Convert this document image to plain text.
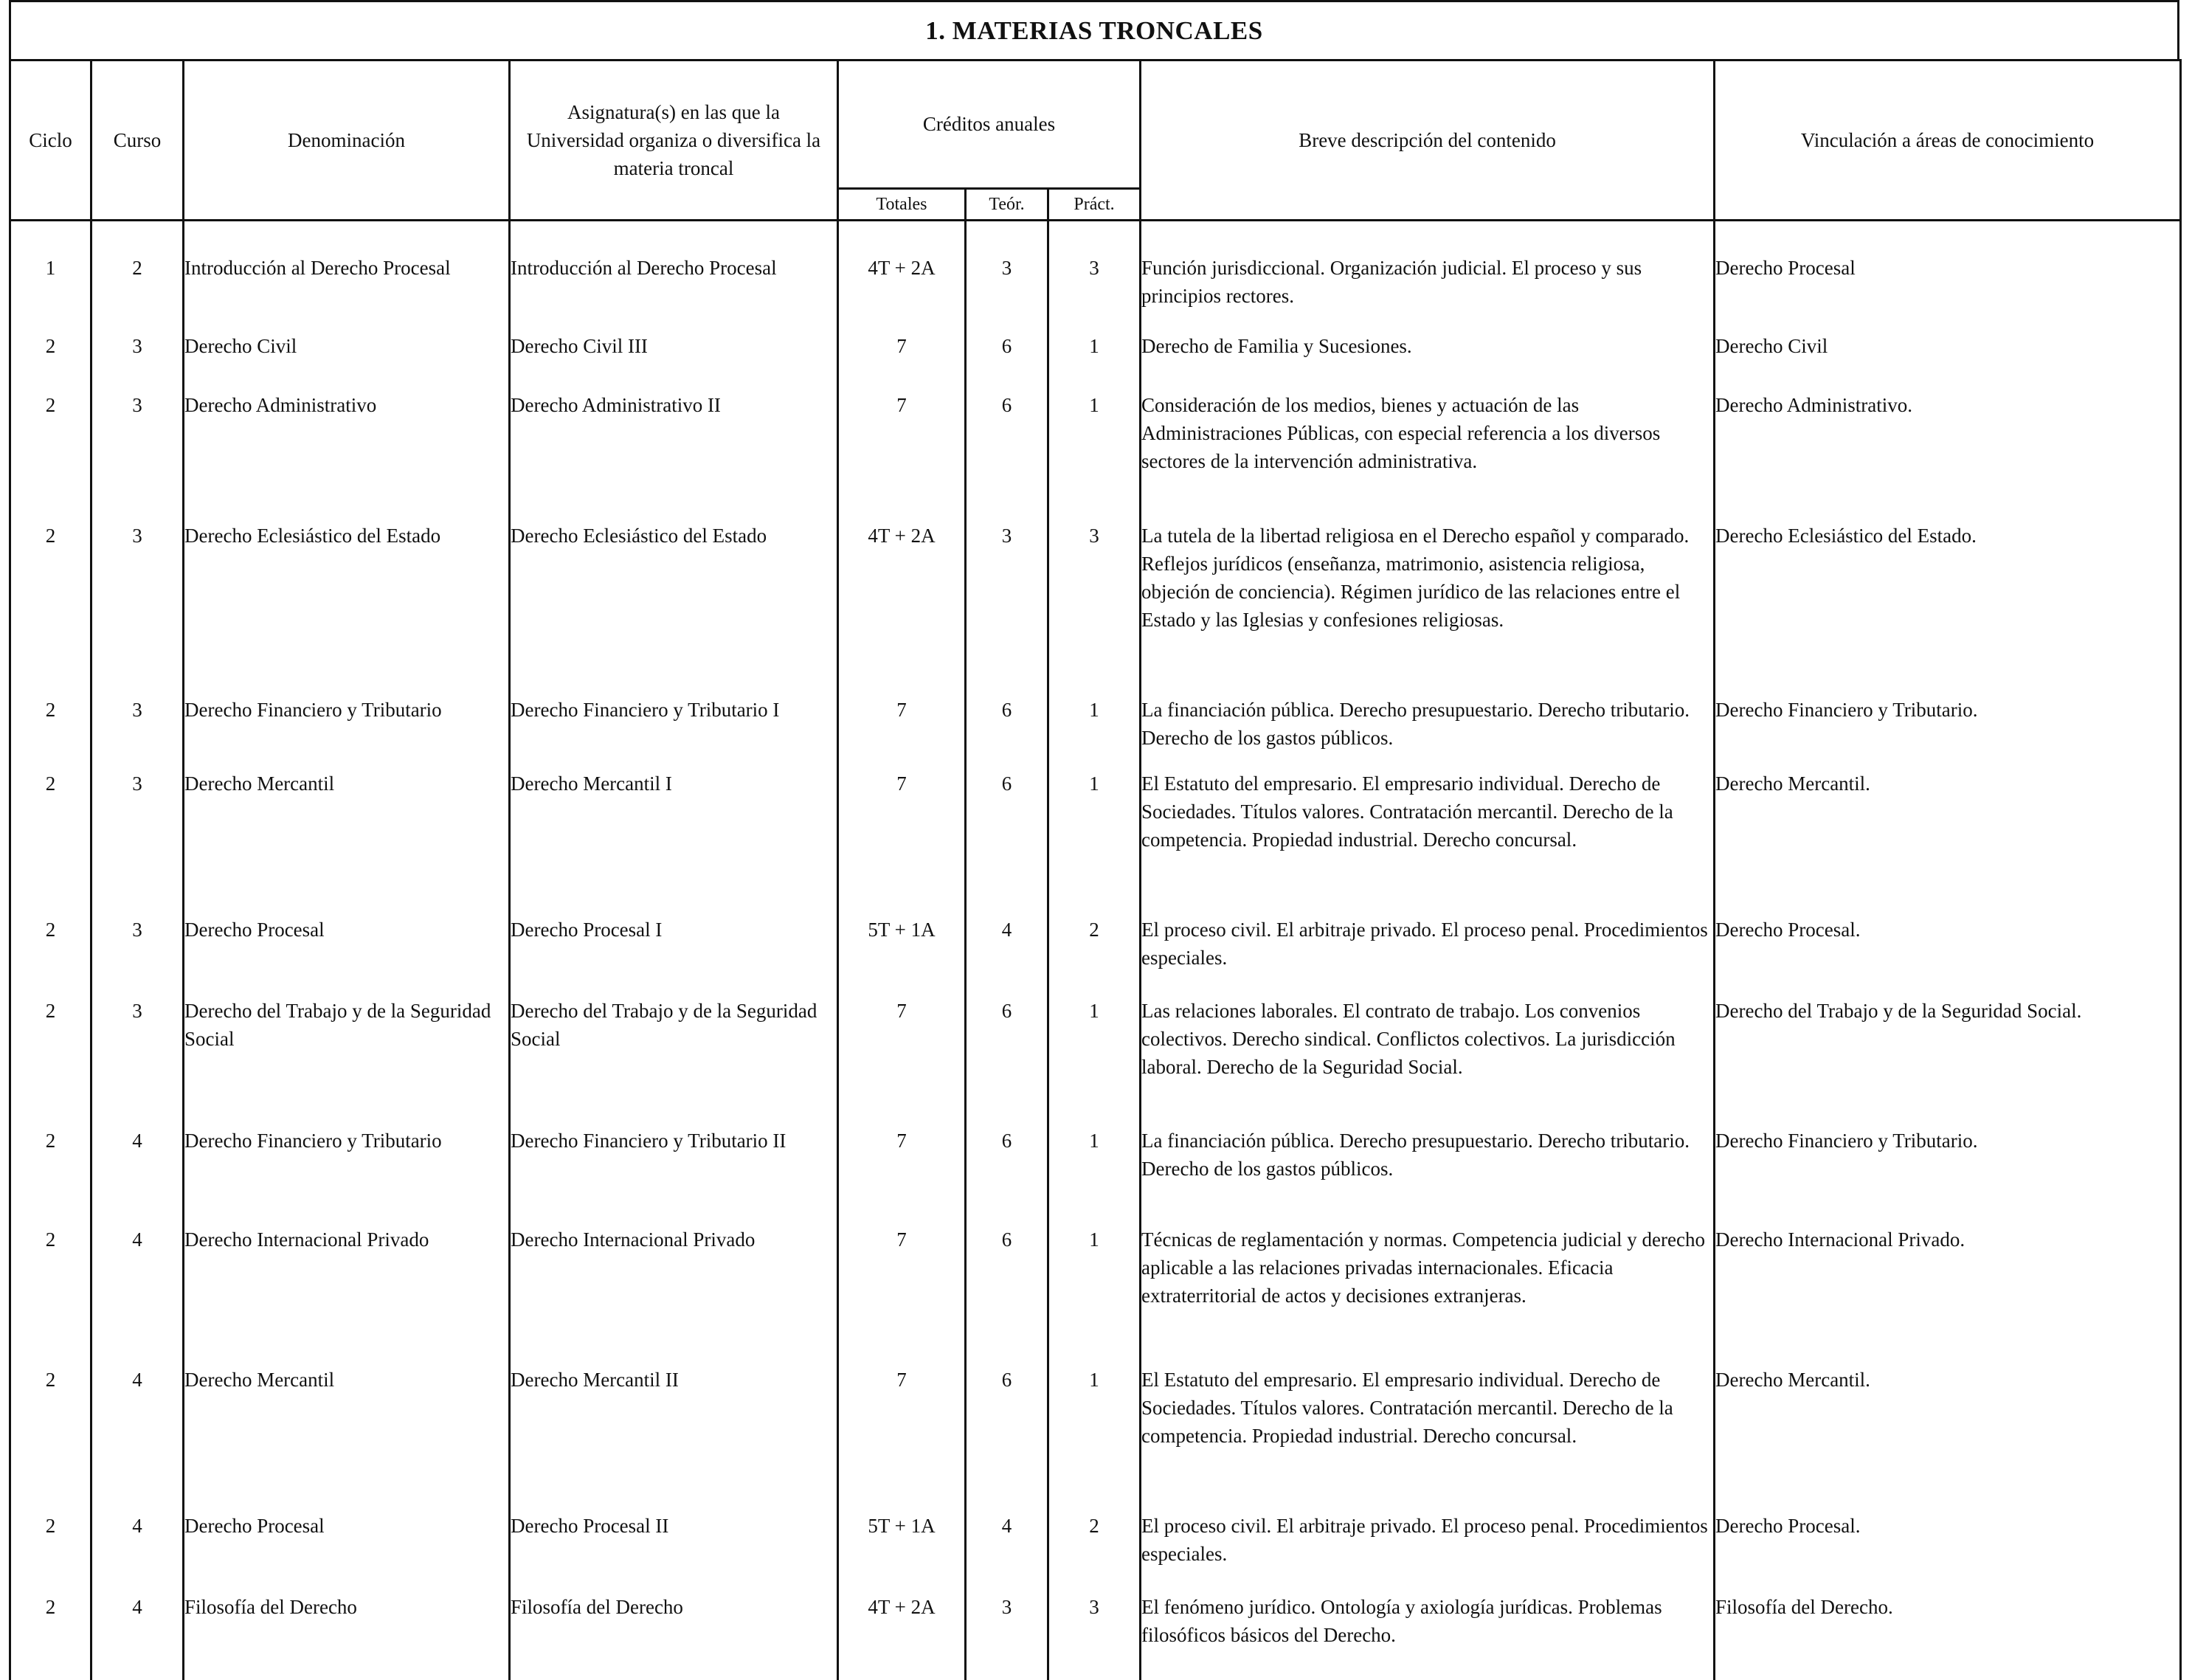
1. MATERIAS TRONCALES
Ciclo	Curso	Denominación	Asignatura(s) en las que la Universidad organiza o diversifica la materia troncal	Créditos anuales			Breve descripción del contenido	Vinculación a áreas de conocimiento
				Totales	Teór.	Práct.		

1	2	Introducción al Derecho Procesal	Introducción al Derecho Procesal	4T + 2A	3	3	Función jurisdiccional. Organización judicial. El proceso y sus principios rectores.	Derecho Procesal
2	3	Derecho Civil	Derecho Civil III	7	6	1	Derecho de Familia y Sucesiones.	Derecho Civil
2	3	Derecho Administrativo	Derecho Administrativo II	7	6	1	Consideración de los medios, bienes y actuación de las Administraciones Públicas, con especial referencia a los diversos sectores de la intervención administrativa.	Derecho Administrativo.
2	3	Derecho Eclesiástico del Estado	Derecho Eclesiástico del Estado	4T + 2A	3	3	La tutela de la libertad religiosa en el Derecho español y comparado. Reflejos jurídicos (enseñanza, matrimonio, asistencia religiosa, objeción de conciencia). Régimen jurídico de las relaciones entre el Estado y las Iglesias y confesiones religiosas.	Derecho Eclesiástico del Estado.
2	3	Derecho Financiero y Tributario	Derecho Financiero y Tributario I	7	6	1	La financiación pública. Derecho presupuestario. Derecho tributario. Derecho de los gastos públicos.	Derecho Financiero y Tributario.
2	3	Derecho Mercantil	Derecho Mercantil I	7	6	1	El Estatuto del empresario. El empresario individual. Derecho de Sociedades. Títulos valores. Contratación mercantil. Derecho de la competencia. Propiedad industrial. Derecho concursal.	Derecho Mercantil.
2	3	Derecho Procesal	Derecho Procesal I	5T + 1A	4	2	El proceso civil. El arbitraje privado. El proceso penal. Procedimientos especiales.	Derecho Procesal.
2	3	Derecho del Trabajo y de la Seguridad Social	Derecho del Trabajo y de la Seguridad Social	7	6	1	Las relaciones laborales. El contrato de trabajo. Los convenios colectivos. Derecho sindical. Conflictos colectivos. La jurisdicción laboral. Derecho de la Seguridad Social.	Derecho del Trabajo y de la Seguridad Social.
2	4	Derecho Financiero y Tributario	Derecho Financiero y Tributario II	7	6	1	La financiación pública. Derecho presupuestario. Derecho tributario. Derecho de los gastos públicos.	Derecho Financiero y Tributario.
2	4	Derecho Internacional Privado	Derecho Internacional Privado	7	6	1	Técnicas de reglamentación y normas. Competencia judicial y derecho aplicable a las relaciones privadas internacionales. Eficacia extraterritorial de actos y decisiones extranjeras.	Derecho Internacional Privado.
2	4	Derecho Mercantil	Derecho Mercantil II	7	6	1	El Estatuto del empresario. El empresario individual. Derecho de Sociedades. Títulos valores. Contratación mercantil. Derecho de la competencia. Propiedad industrial. Derecho concursal.	Derecho Mercantil.
2	4	Derecho Procesal	Derecho Procesal II	5T + 1A	4	2	El proceso civil. El arbitraje privado. El proceso penal. Procedimientos especiales.	Derecho Procesal.
2	4	Filosofía del Derecho	Filosofía del Derecho	4T + 2A	3	3	El fenómeno jurídico. Ontología y axiología jurídicas. Problemas filosóficos básicos del Derecho.	Filosofía del Derecho.
